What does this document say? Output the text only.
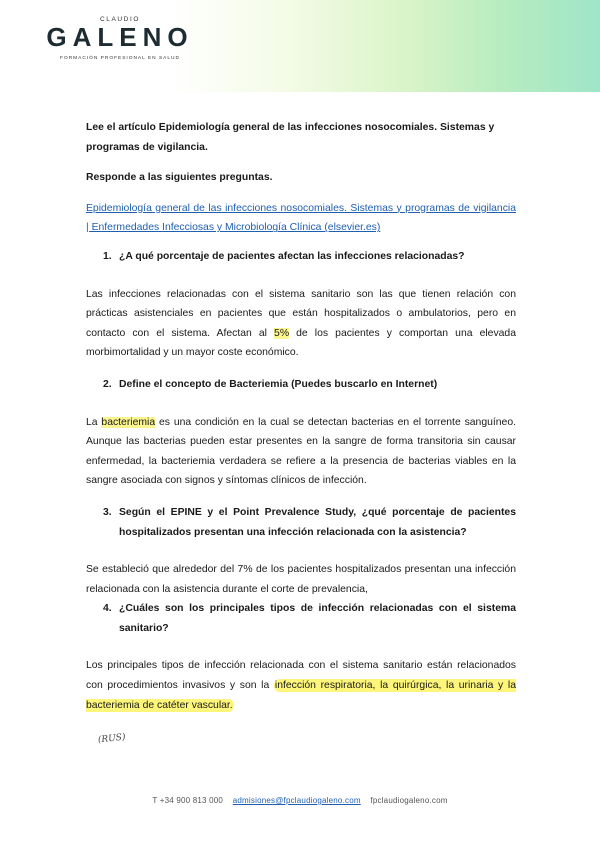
CLAUDIO
GALENO
FORMACIÓN PROFESIONAL EN SALUD

Lee el artículo Epidemiología general de las infecciones nosocomiales. Sistemas y programas de vigilancia.

Responde a las siguientes preguntas.

Epidemiología general de las infecciones nosocomiales. Sistemas y programas de vigilancia | Enfermedades Infecciosas y Microbiología Clínica (elsevier.es)

1. ¿A qué porcentaje de pacientes afectan las infecciones relacionadas?

Las infecciones relacionadas con el sistema sanitario son las que tienen relación con prácticas asistenciales en pacientes que están hospitalizados o ambulatorios, pero en contacto con el sistema. Afectan al 5% de los pacientes y comportan una elevada morbimortalidad y un mayor coste económico.

2. Define el concepto de Bacteriemia (Puedes buscarlo en Internet)

La bacteriemia es una condición en la cual se detectan bacterias en el torrente sanguíneo. Aunque las bacterias pueden estar presentes en la sangre de forma transitoria sin causar enfermedad, la bacteriemia verdadera se refiere a la presencia de bacterias viables en la sangre asociada con signos y síntomas clínicos de infección.

3. Según el EPINE y el Point Prevalence Study, ¿qué porcentaje de pacientes hospitalizados presentan una infección relacionada con la asistencia?

Se estableció que alrededor del 7% de los pacientes hospitalizados presentan una infección relacionada con la asistencia durante el corte de prevalencia,

4. ¿Cuáles son los principales tipos de infección relacionadas con el sistema sanitario?

Los principales tipos de infección relacionada con el sistema sanitario están relacionados con procedimientos invasivos y son la infección respiratoria, la quirúrgica, la urinaria y la bacteriemia de catéter vascular.

(RUS)
T +34 900 813 000 admisiones@fpclaudiogaleno.com fpclaudiogaleno.com
